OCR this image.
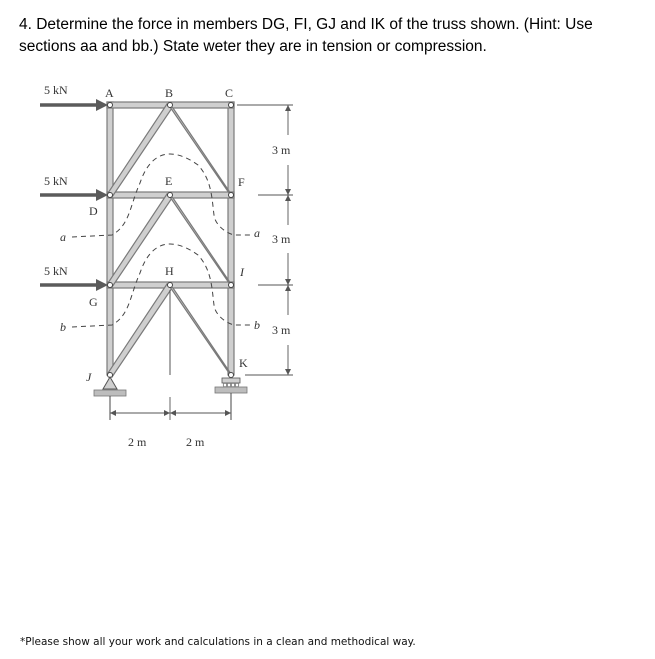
4. Determine the force in members DG, FI, GJ and IK of the truss shown. (Hint: Use sections aa and bb.) State weter they are in tension or compression.

5 kN
5 kN
5 kN
a	a
b	b
A	B	C
D
E	F
G
H	I
J
K
3 m
3 m
3 m
2 m	2 m
*Please show all your work and calculations in a clean and methodical way.
